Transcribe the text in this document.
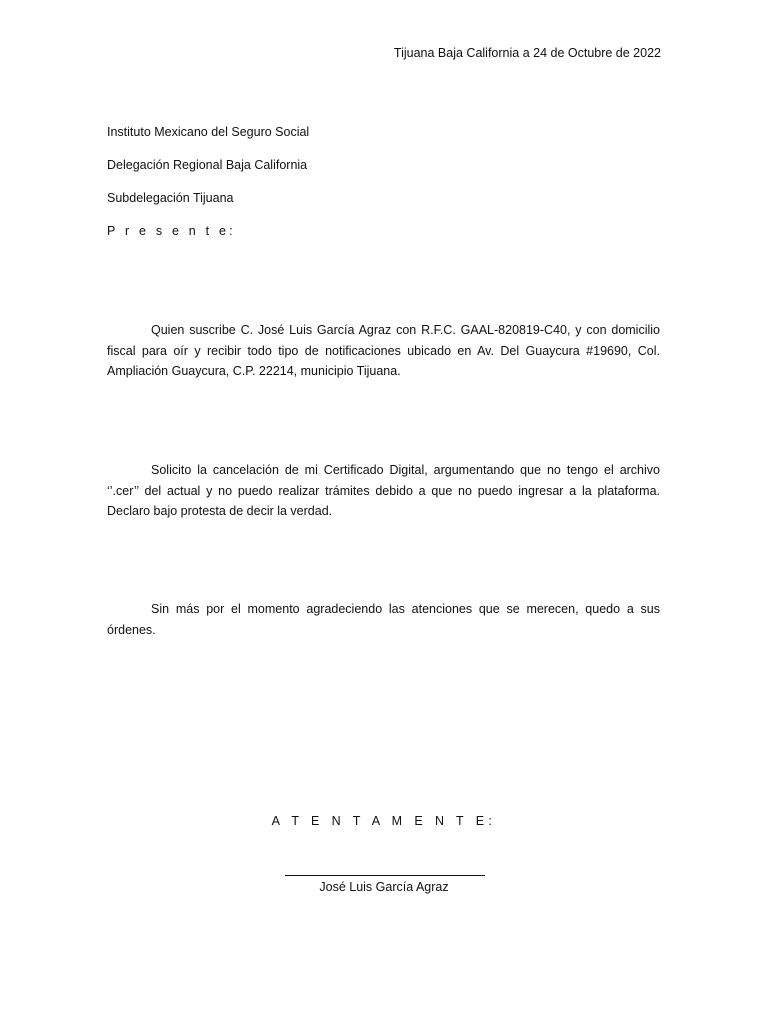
Tijuana Baja California a 24 de Octubre de 2022
Instituto Mexicano del Seguro Social
Delegación Regional Baja California
Subdelegación Tijuana
P r e s e n t e:

Quien suscribe C. José Luis García Agraz con R.F.C. GAAL-820819-C40, y con domicilio fiscal para oír y recibir todo tipo de notificaciones ubicado en Av. Del Guaycura #19690, Col. Ampliación Guaycura, C.P. 22214, municipio Tijuana.

Solicito la cancelación de mi Certificado Digital, argumentando que no tengo el archivo ‘’.cer’’ del actual y no puedo realizar trámites debido a que no puedo ingresar a la plataforma. Declaro bajo protesta de decir la verdad.

Sin más por el momento agradeciendo las atenciones que se merecen, quedo a sus órdenes.

A T E N T A M E N T E:
José Luis García Agraz
